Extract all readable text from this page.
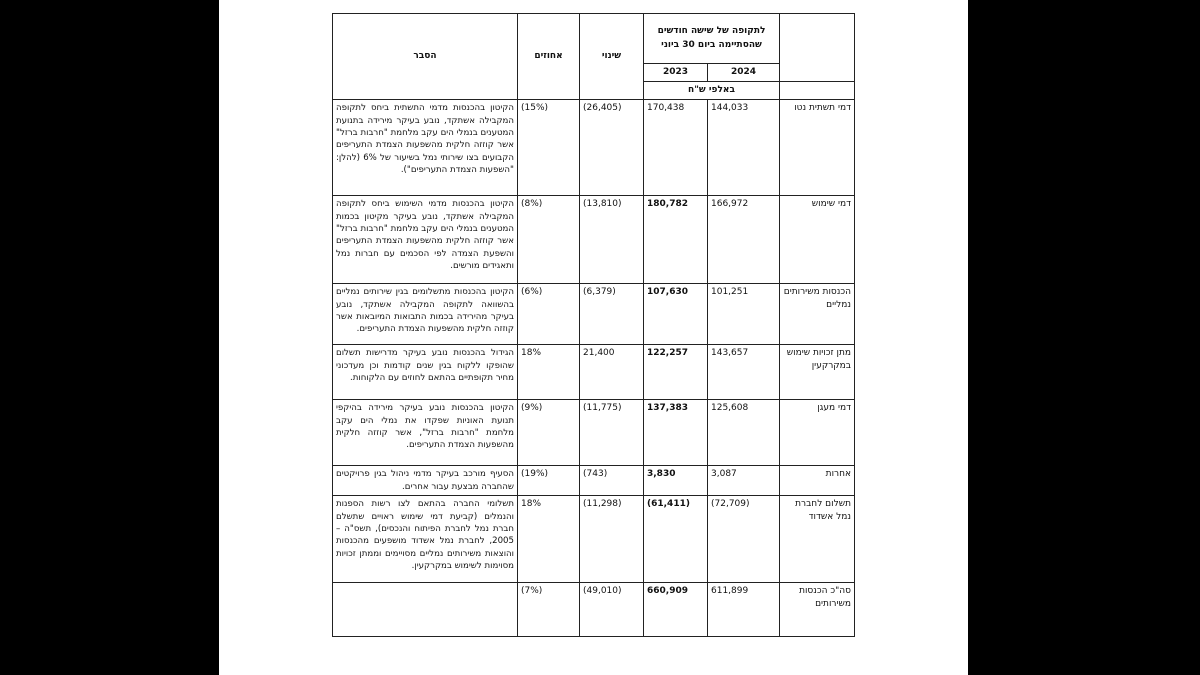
	לתקופה של שישה חודשים שהסתיימה ביום 30 ביוני		שינוי	אחוזים	הסבר
	2024	2023			
	באלפי ש"ח				
דמי תשתית נטו	144,033	170,438	(26,405)	(15%)	הקיטון בהכנסות מדמי התשתית ביחס לתקופה המקבילה אשתקד, נובע בעיקר מירידה בתנועת המטענים בנמלי הים עקב מלחמת "חרבות ברזל" אשר קוזזה חלקית מהשפעות הצמדת התעריפים הקבועים בצו שירותי נמל בשיעור של 6% (להלן: "השפעות הצמדת התעריפים").
דמי שימוש	166,972	180,782	(13,810)	(8%)	הקיטון בהכנסות מדמי השימוש ביחס לתקופה המקבילה אשתקד, נובע בעיקר מקיטון בכמות המטענים בנמלי הים עקב מלחמת "חרבות ברזל" אשר קוזזה חלקית מהשפעות הצמדת התעריפים והשפעת הצמדה לפי הסכמים עם חברות נמל ותאגידים מורשים.
הכנסות משירותים נמליים	101,251	107,630	(6,379)	(6%)	הקיטון בהכנסות מתשלומים בגין שירותים נמליים בהשוואה לתקופה המקבילה אשתקד, נובע בעיקר מהירידה בכמות התבואות המיובאות אשר קוזזה חלקית מהשפעות הצמדת התעריפים.
מתן זכויות שימוש במקרקעין	143,657	122,257	21,400	18%	הגידול בהכנסות נובע בעיקר מדרישות תשלום שהופקו ללקוח בגין שנים קודמות וכן מעדכוני מחיר תקופתיים בהתאם לחוזים עם הלקוחות.
דמי מעגן	125,608	137,383	(11,775)	(9%)	הקיטון בהכנסות נובע בעיקר מירידה בהיקפי תנועת האוניות שפקדו את נמלי הים עקב מלחמת "חרבות ברזל", אשר קוזזה חלקית מהשפעות הצמדת התעריפים.
אחרות	3,087	3,830	(743)	(19%)	הסעיף מורכב בעיקר מדמי ניהול בגין פרויקטים שהחברה מבצעת עבור אחרים.
תשלום לחברת נמל אשדוד	(72,709)	(61,411)	(11,298)	18%	תשלומי החברה בהתאם לצו רשות הספנות והנמלים (קביעת דמי שימוש ראויים שתשלם חברת נמל לחברת הפיתוח והנכסים), תשס"ה – 2005, לחברת נמל אשדוד מושפעים מהכנסות והוצאות משירותים נמליים מסויימים וממתן זכויות מסוימות לשימוש במקרקעין.
סה"כ הכנסות משירותים	611,899	660,909	(49,010)	(7%)	
